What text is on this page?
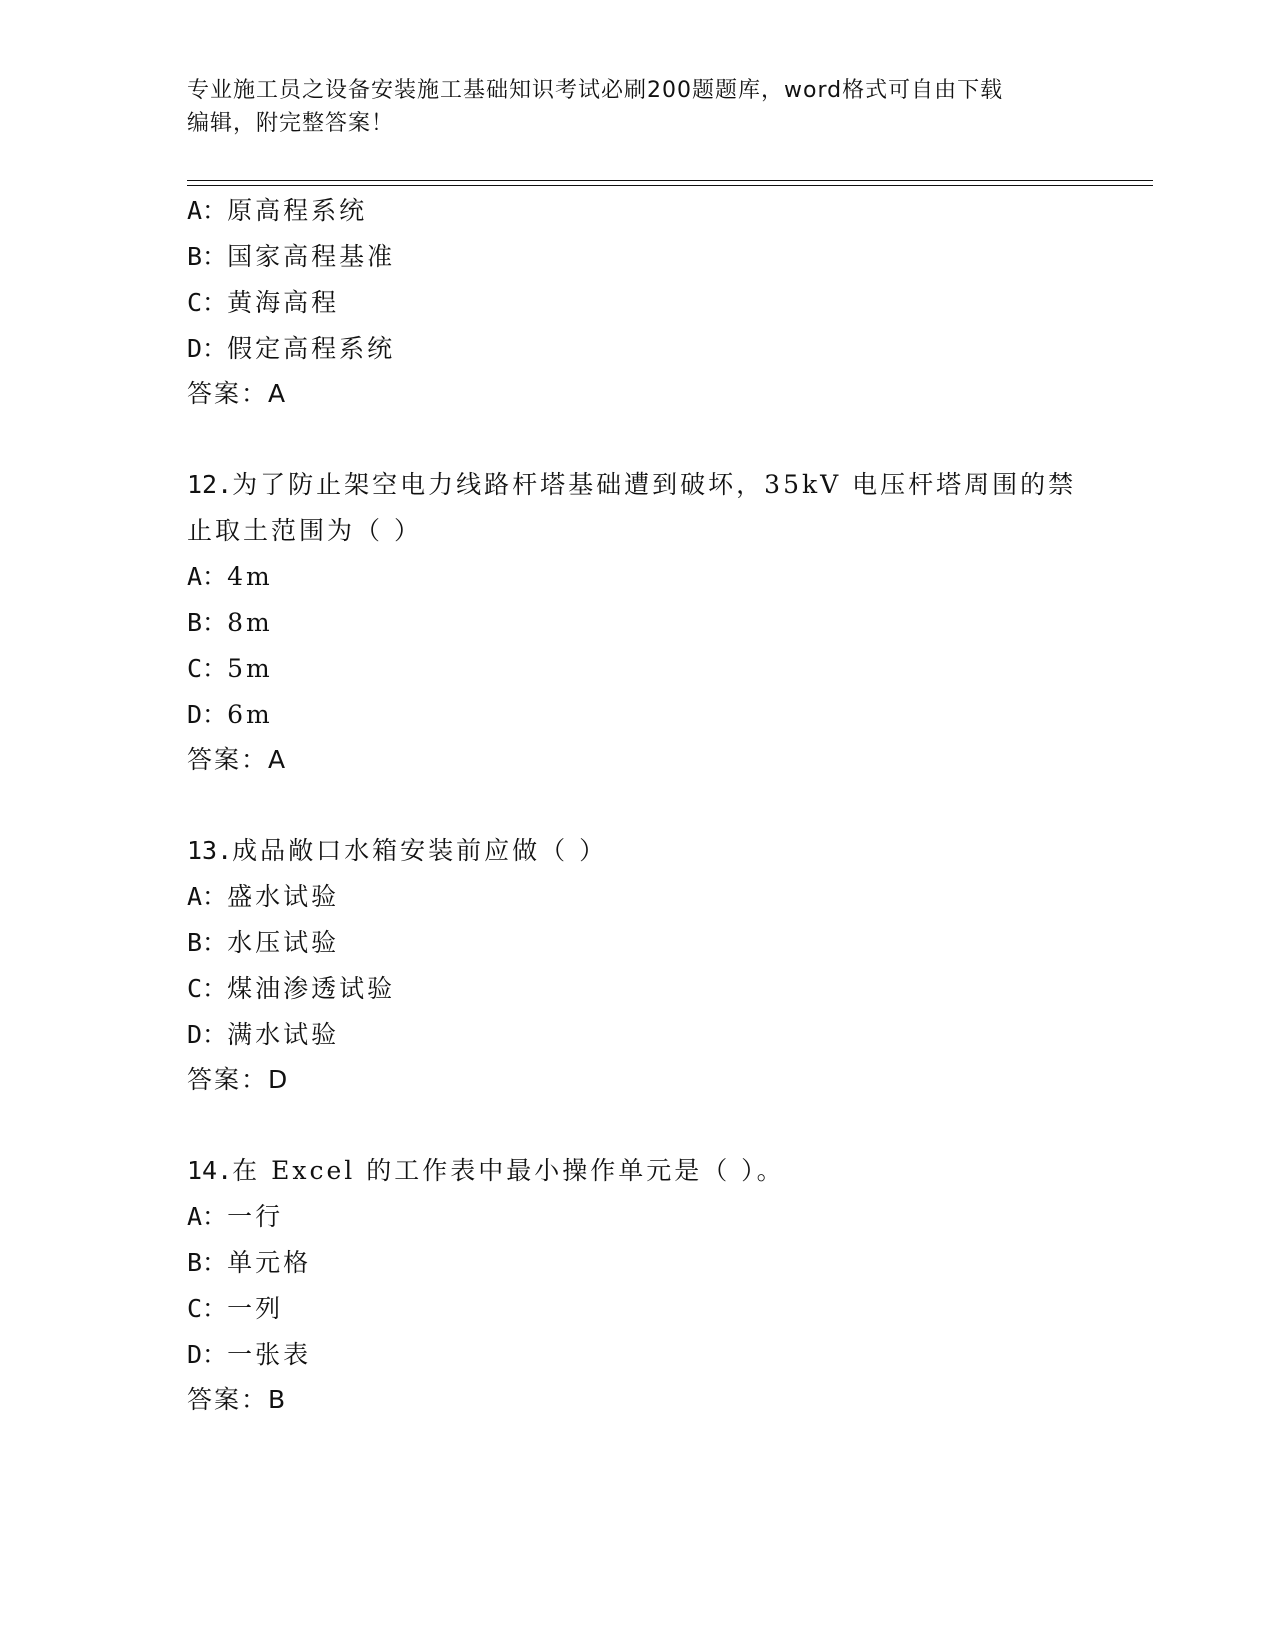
专业施工员之设备安装施工基础知识考试必刷200题题库，word格式可自由下载
编辑，附完整答案！
A：原高程系统
B：国家高程基准
C：黄海高程
D：假定高程系统
答案：A
12.为了防止架空电力线路杆塔基础遭到破坏，35kV 电压杆塔周围的禁
止取土范围为（ ）
A：4m
B：8m
C：5m
D：6m
答案：A
13.成品敞口水箱安装前应做（ ）
A：盛水试验
B：水压试验
C：煤油渗透试验
D：满水试验
答案：D
14.在 Excel 的工作表中最小操作单元是（ ）。
A：一行
B：单元格
C：一列
D：一张表
答案：B
